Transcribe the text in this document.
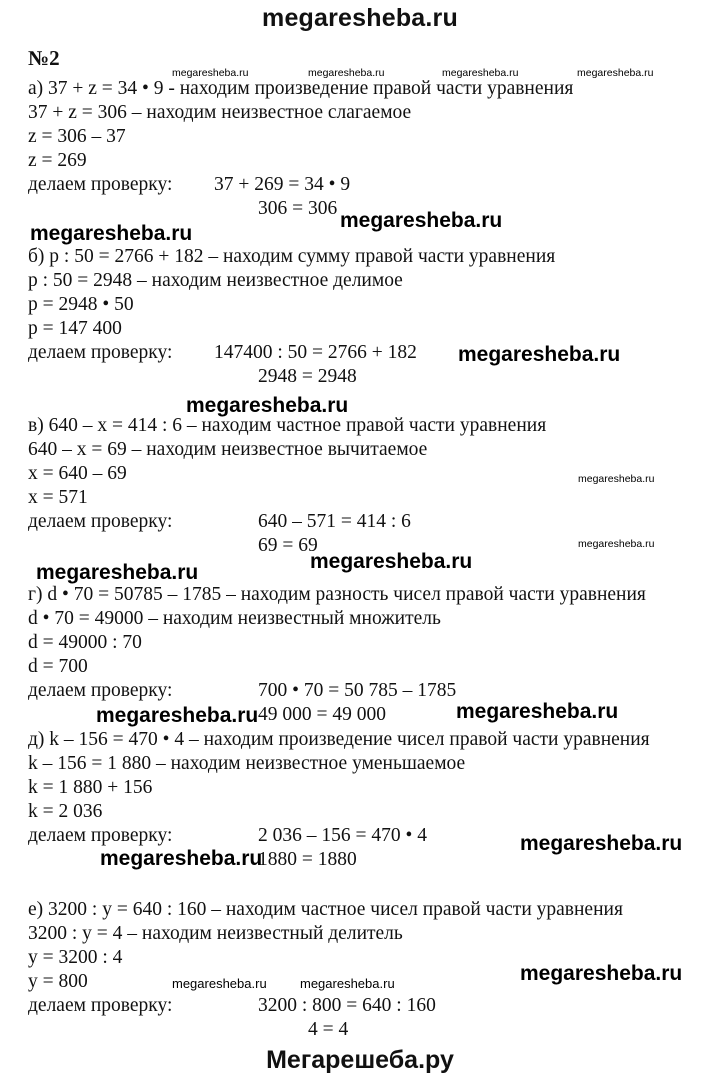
megaresheba.ru
№2
а) 37 + z = 34 • 9 - находим произведение правой части уравнения
37 + z = 306 – находим неизвестное слагаемое
z = 306 – 37
z = 269
делаем проверку: 37 + 269 = 34 • 9
306 = 306
б) p : 50 = 2766 + 182 – находим сумму правой части уравнения
p : 50 = 2948 – находим неизвестное делимое
p = 2948 • 50
p = 147 400
делаем проверку: 147400 : 50 = 2766 + 182
2948 = 2948
в) 640 – x = 414 : 6 – находим частное правой части уравнения
640 – x = 69 – находим неизвестное вычитаемое
x = 640 – 69
x = 571
делаем проверку:	640 – 571 = 414 : 6
69 = 69
г) d • 70 = 50785 – 1785 – находим разность чисел правой части уравнения
d • 70 = 49000 – находим неизвестный множитель
d = 49000 : 70
d = 700
делаем проверку:	700 • 70 = 50 785 – 1785
49 000 = 49 000
д) k – 156 = 470 • 4 – находим произведение чисел правой части уравнения
k – 156 = 1 880 – находим неизвестное уменьшаемое
k = 1 880 + 156
k = 2 036
делаем проверку:	2 036 – 156 = 470 • 4
1880 = 1880
е) 3200 : y = 640 : 160 – находим частное чисел правой части уравнения
3200 : y = 4 – находим неизвестный делитель
y = 3200 : 4
y = 800
делаем проверку:	3200 : 800 = 640 : 160
4 = 4
megaresheba.ru	megaresheba.ru	megaresheba.ru	megaresheba.ru
megaresheba.ru
megaresheba.ru
megaresheba.ru
megaresheba.ru
megaresheba.ru
megaresheba.ru
megaresheba.ru
megaresheba.ru
megaresheba.ru	megaresheba.ru
megaresheba.ru
megaresheba.ru
megaresheba.ru
megaresheba.ru	megaresheba.ru
Мегарешеба.ру
